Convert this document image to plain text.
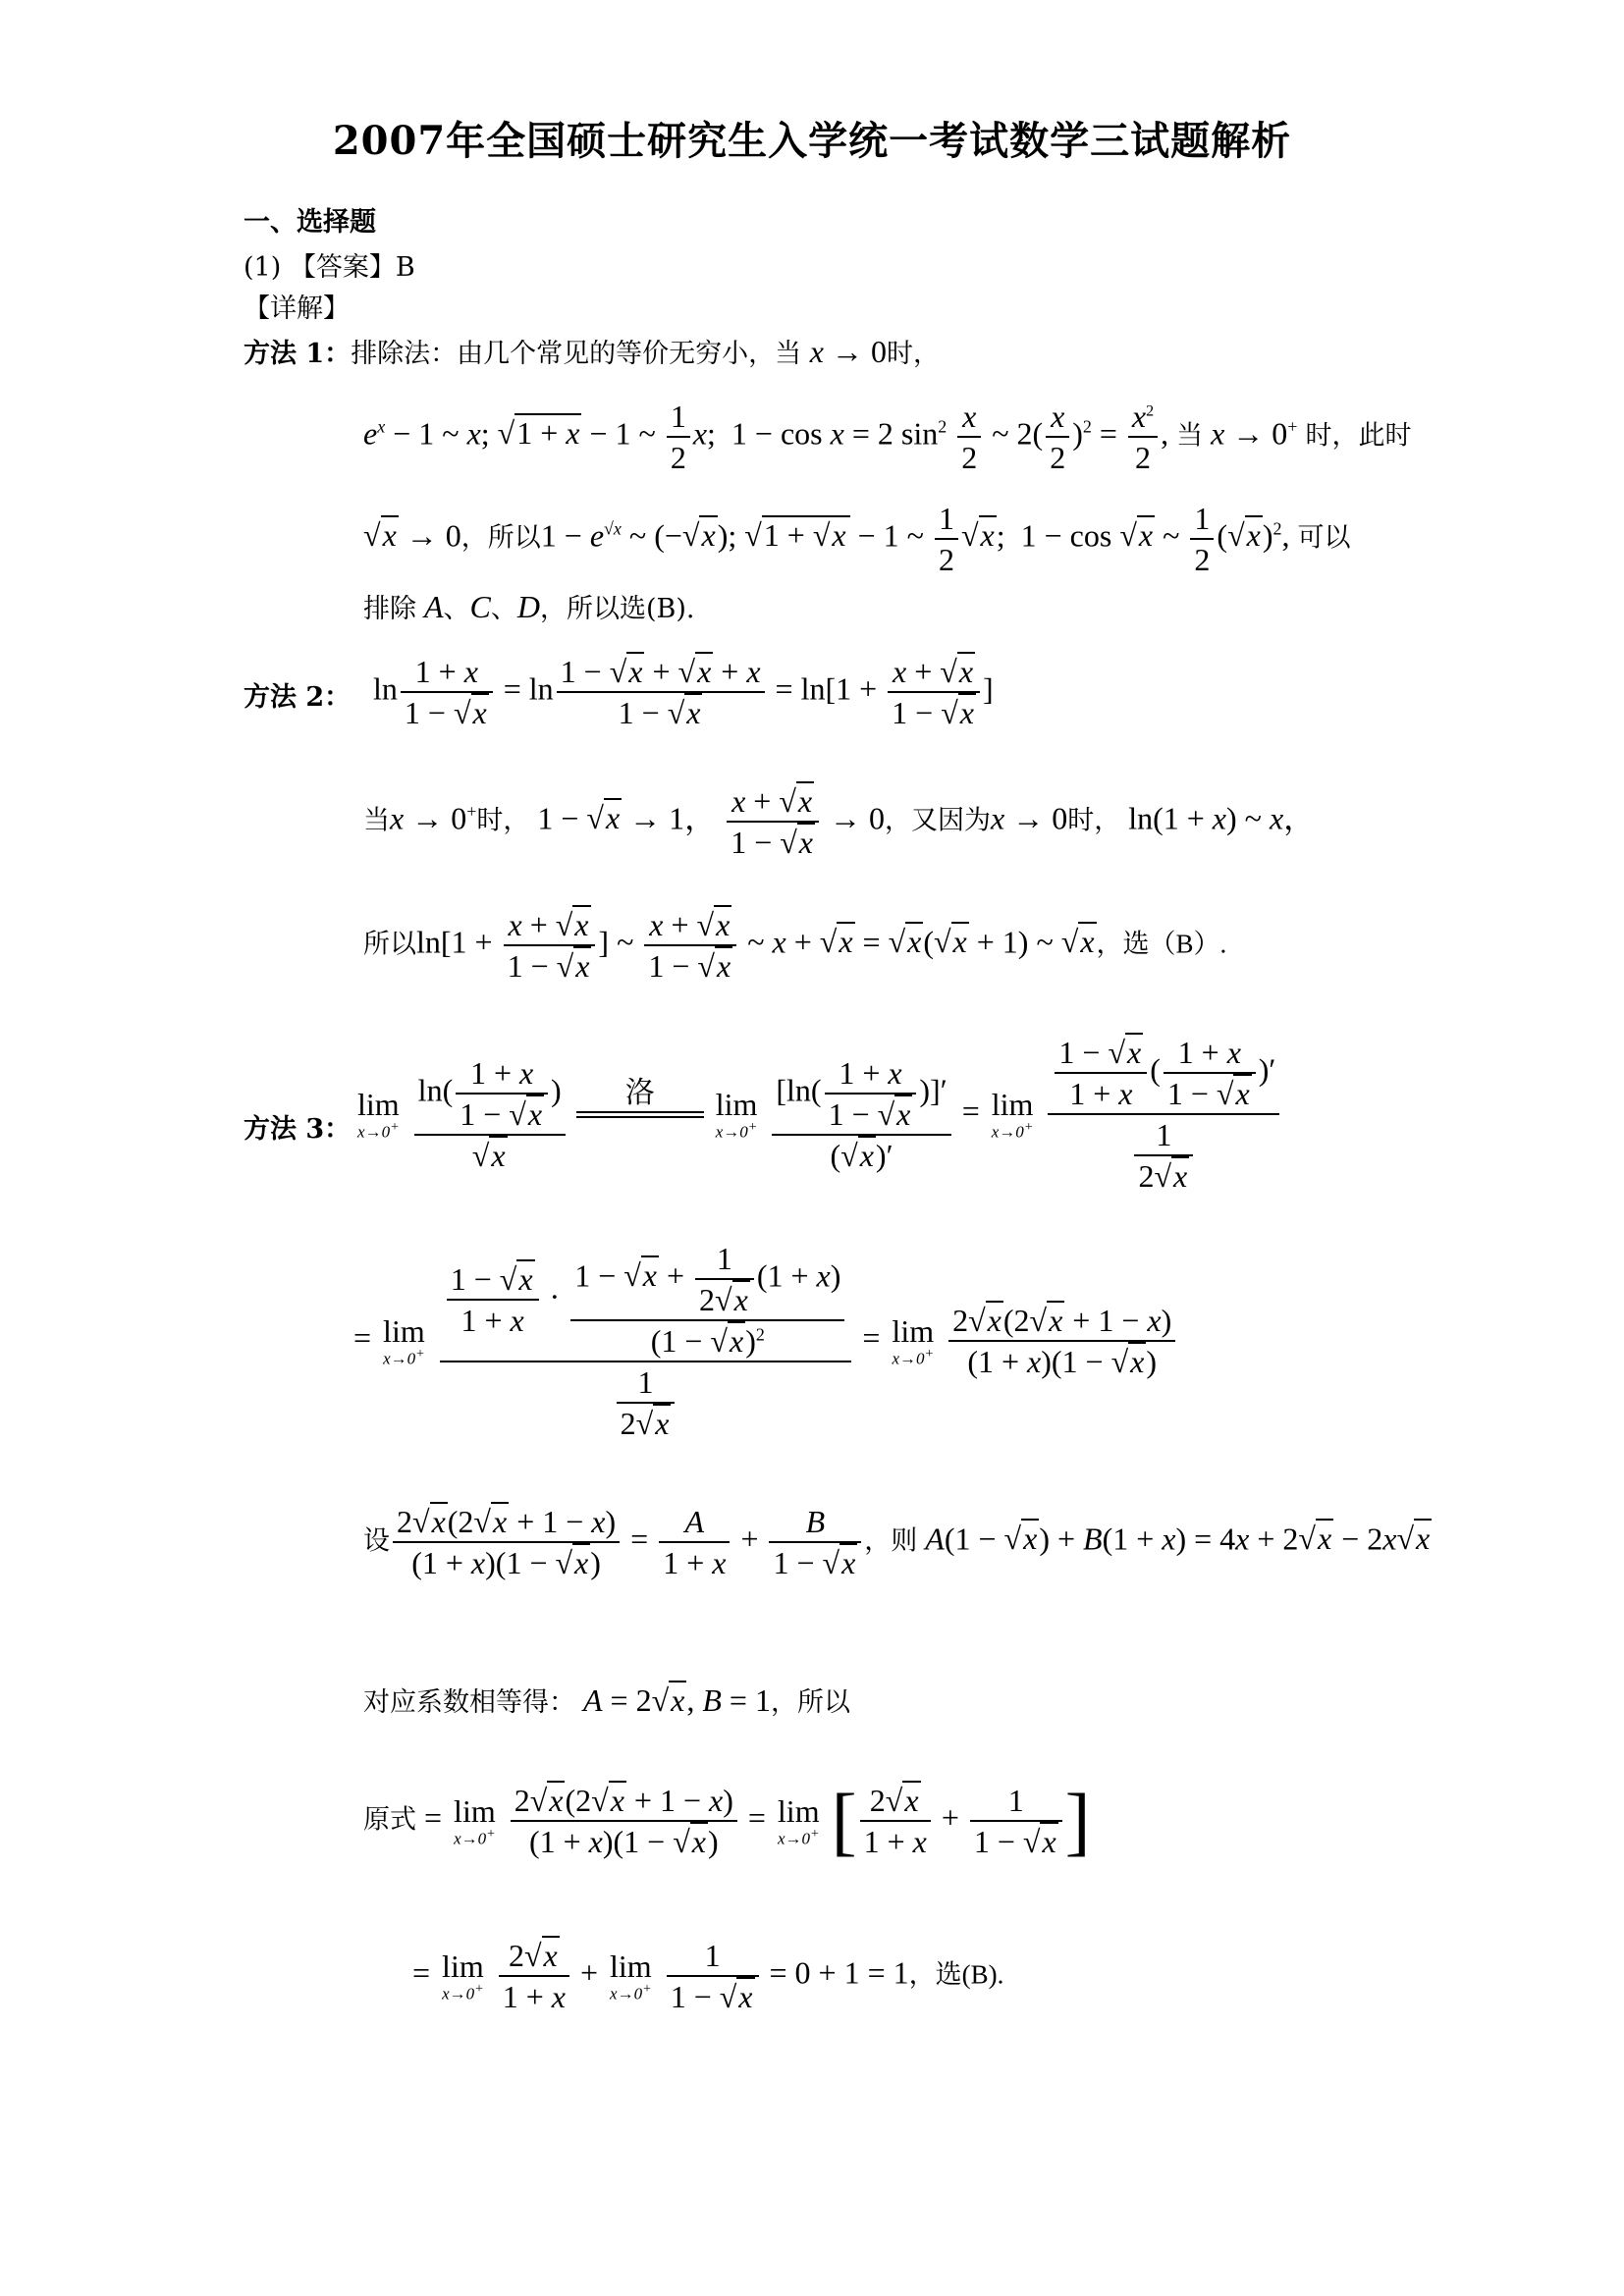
2007年全国硕士研究生入学统一考试数学三试题解析
一、选择题
(1) 【答案】B
【详解】
方法 1：排除法：由几个常见的等价无穷小，当 x → 0时，
$e^x - 1$ ~ x; √1 + x − 1 ~ $\frac{1}{2} x$;  1 − cos x = 2 $\sin^2 \frac{x}{2}$ ~ $2( \frac{x}{2} )^2 = \frac{x^2}{2}$ , 当 x → 0+ 时，此时
√x → 0，所以$1 - e^{√x}$ ~ (−√x); √1 + √x − 1 ~ $\frac{1}{2} √x$;  1 − cos √x ~ $\frac{1}{2} (√x)^2$, 可以
排除 A、C、D，所以选(B).
方法 2： $\ln \frac{1 + x}{1 - √x} = \ln \frac{1 - √x + √x + x}{1 - √x} = \ln[1 + \frac{x + √x}{1 - √x}$ ]
当x → 0+时， 1 − √x → 1， $\frac{x + √x}{1 - √x} \to 0$，又因为x → 0时， ln(1 + x) ~ x，
所以$\ln[1 + \frac{x + √x}{1 - √x}$ ] ~ $\frac{x + √x}{1 - √x}$ ~ x + √x = √x(√x + 1) ~ √x，选（B）.
方法 3：
lim
x→0+
$\frac{\ln( \frac{1 + x}{1 - √x} )}{√x}$
	洛
	lim
x→0+
$\frac{[\ln( \frac{1 + x}{1 - √x} )]'}{(√x)'} = \lim$
x→0+
$\frac{\frac{1 - √x}{1 + x} ( \frac{1 + x}{1 - √x} )'}{\frac{1}{2√x}}$
= lim
x→0+
$\frac{\frac{1 - √x}{1 + x} \cdot \frac{1 - √x + \frac{1}{2√x} (1 + x)}{(1 - √x)^2}}{\frac{1}{2√x}} = \lim$
x→0+
$\frac{2√x(2√x + 1 - x)}{(1 + x)(1 - √x)}$
设 $\frac{2√x(2√x + 1 - x)}{(1 + x)(1 - √x)} = \frac{A}{1 + x} + \frac{B}{1 - √x}$ ，则 A(1 − √x) + B(1 + x) = 4x + 2√x − 2x√x
对应系数相等得： A = 2√x, B = 1，所以
原式 = lim
x→0+
$\frac{2√x(2√x + 1 - x)}{(1 + x)(1 - √x)} = \lim$
x→0+ [ $\frac{2√x}{1 + x} + \frac{1}{1 - √x}$ ]
= lim
x→0+
$\frac{2√x}{1 + x} + \lim$
x→0+
$\frac{1}{1 - √x} = 0 + 1 = 1$，选(B).
